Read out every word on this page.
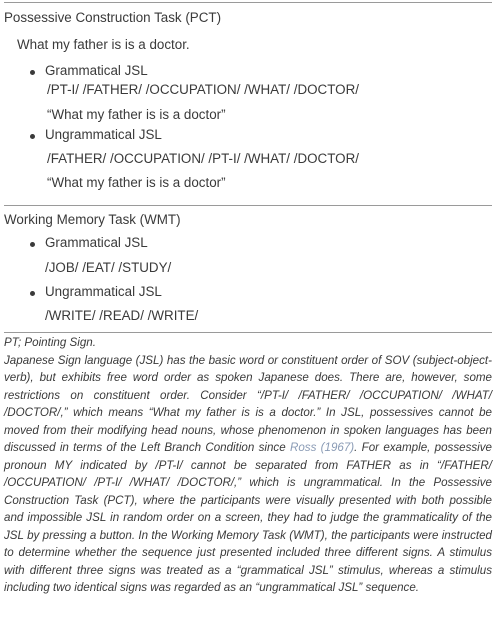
Possessive Construction Task (PCT)
What my father is is a doctor.
Grammatical JSL
/PT-I/ /FATHER/ /OCCUPATION/ /WHAT/ /DOCTOR/
“What my father is is a doctor”
Ungrammatical JSL
/FATHER/ /OCCUPATION/ /PT-I/ /WHAT/ /DOCTOR/
“What my father is is a doctor”
Working Memory Task (WMT)
Grammatical JSL
/JOB/ /EAT/ /STUDY/
Ungrammatical JSL
/WRITE/ /READ/ /WRITE/

PT; Pointing Sign.

Japanese Sign language (JSL) has the basic word or constituent order of SOV (subject-object-verb), but exhibits free word order as spoken Japanese does. There are, however, some restrictions on constituent order. Consider “/PT-I/ /FATHER/ /OCCUPATION/ /WHAT/ /DOCTOR/,” which means “What my father is is a doctor.” In JSL, possessives cannot be moved from their modifying head nouns, whose phenomenon in spoken languages has been discussed in terms of the Left Branch Condition since Ross (1967). For example, possessive pronoun MY indicated by /PT-I/ cannot be separated from FATHER as in “/FATHER/ /OCCUPATION/ /PT-I/ /WHAT/ /DOCTOR/,” which is ungrammatical. In the Possessive Construction Task (PCT), where the participants were visually presented with both possible and impossible JSL in random order on a screen, they had to judge the grammaticality of the JSL by pressing a button. In the Working Memory Task (WMT), the participants were instructed to determine whether the sequence just presented included three different signs. A stimulus with different three signs was treated as a “grammatical JSL” stimulus, whereas a stimulus including two identical signs was regarded as an “ungrammatical JSL” sequence.
